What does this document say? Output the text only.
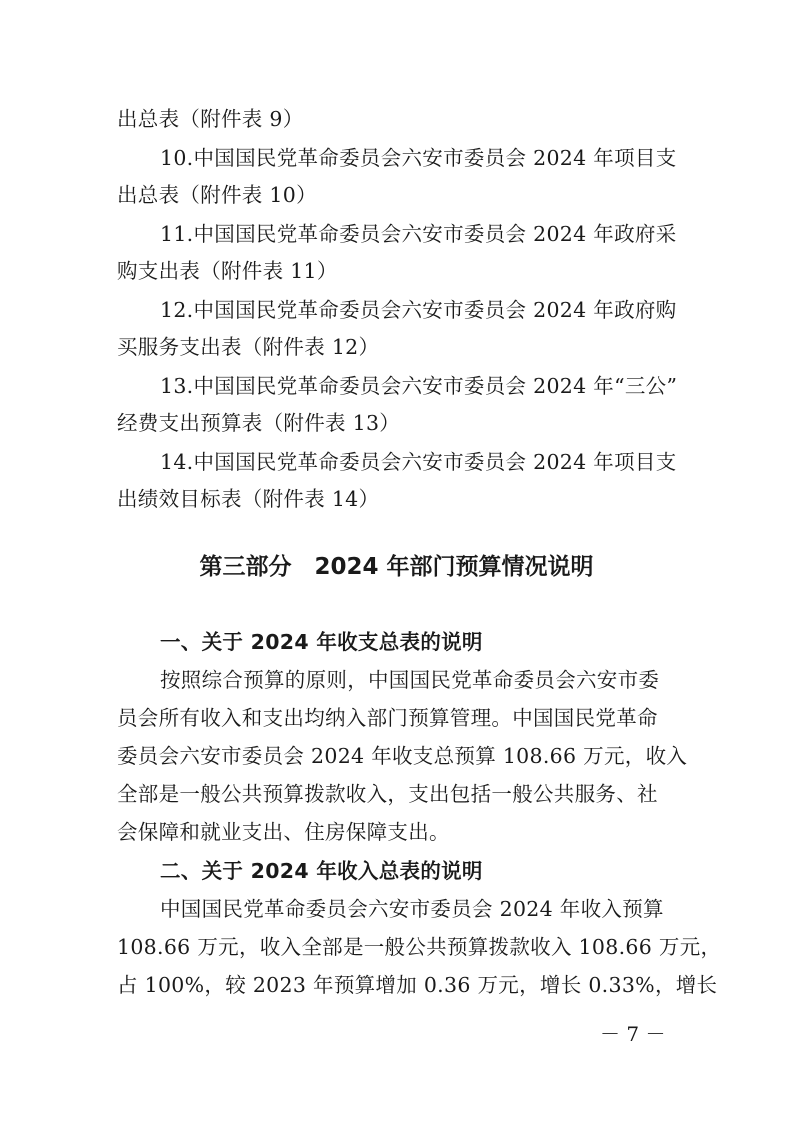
出总表（附件表 9）
10.中国国民党革命委员会六安市委员会 2024 年项目支
出总表（附件表 10）
11.中国国民党革命委员会六安市委员会 2024 年政府采
购支出表（附件表 11）
12.中国国民党革命委员会六安市委员会 2024 年政府购
买服务支出表（附件表 12）
13.中国国民党革命委员会六安市委员会 2024 年“三公”
经费支出预算表（附件表 13）
14.中国国民党革命委员会六安市委员会 2024 年项目支
出绩效目标表（附件表 14）
第三部分　2024 年部门预算情况说明
一、关于 2024 年收支总表的说明
按照综合预算的原则，中国国民党革命委员会六安市委
员会所有收入和支出均纳入部门预算管理。中国国民党革命
委员会六安市委员会 2024 年收支总预算 108.66 万元，收入
全部是一般公共预算拨款收入，支出包括一般公共服务、社
会保障和就业支出、住房保障支出。
二、关于 2024 年收入总表的说明
中国国民党革命委员会六安市委员会 2024 年收入预算
108.66 万元，收入全部是一般公共预算拨款收入 108.66 万元，
占 100%，较 2023 年预算增加 0.36 万元，增长 0.33%，增长
－ 7 －
